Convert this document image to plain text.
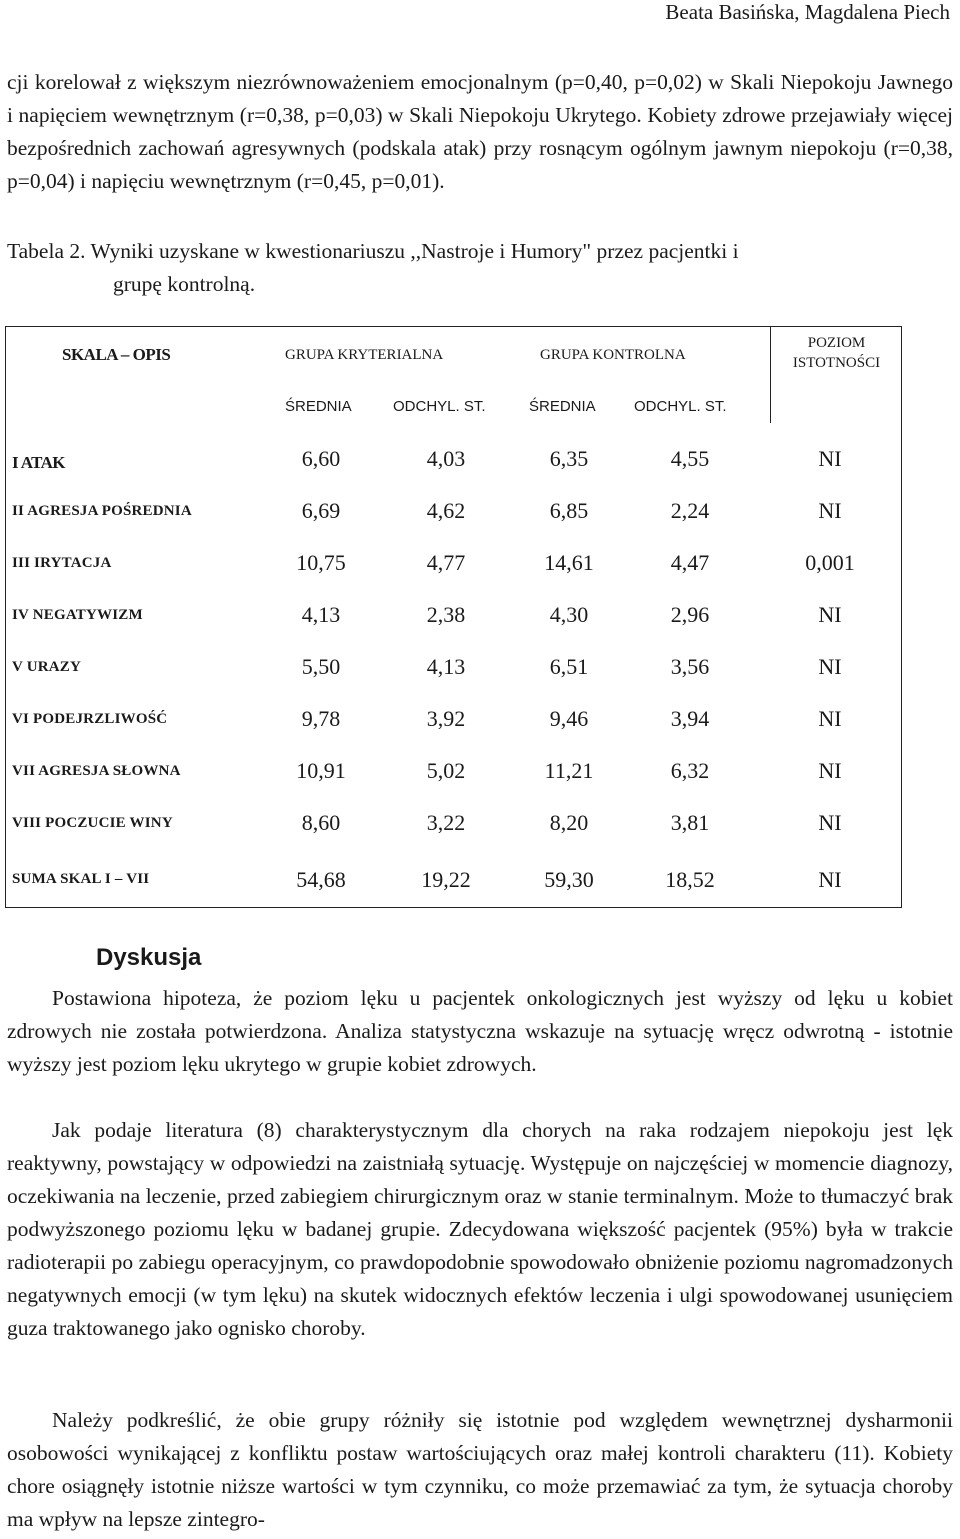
Beata Basińska, Magdalena Piech

cji korelował z większym niezrównoważeniem emocjonalnym (p=0,40, p=0,02) w Skali Niepokoju Jawnego i napięciem wewnętrznym (r=0,38, p=0,03) w Skali Niepokoju Ukrytego. Kobiety zdrowe przejawiały więcej bezpośrednich zachowań agresywnych (podskala atak) przy rosnącym ogólnym jawnym niepokoju (r=0,38, p=0,04) i napięciu wewnętrznym (r=0,45, p=0,01).

Tabela 2. Wyniki uzyskane w kwestionariuszu ,,Nastroje i Humory" przez pacjentki i
grupę kontrolną.
SKALA – OPIS	GRUPA KRYTERIALNA	GRUPA KONTROLNA
POZIOM
ISTOTNOŚCI
ŚREDNIA	ODCHYL. ST.	ŚREDNIA	ODCHYL. ST.
I ATAK	6,60	4,03	6,35	4,55	NI
II AGRESJA POŚREDNIA	6,69	4,62	6,85	2,24	NI
III IRYTACJA	10,75	4,77	14,61	4,47	0,001
IV NEGATYWIZM	4,13	2,38	4,30	2,96	NI
V URAZY	5,50	4,13	6,51	3,56	NI
VI PODEJRZLIWOŚĆ	9,78	3,92	9,46	3,94	NI
VII AGRESJA SŁOWNA	10,91	5,02	11,21	6,32	NI
VIII POCZUCIE WINY	8,60	3,22	8,20	3,81	NI
SUMA SKAL I – VII	54,68	19,22	59,30	18,52	NI
Dyskusja

Postawiona hipoteza, że poziom lęku u pacjentek onkologicznych jest wyższy od lęku u kobiet zdrowych nie została potwierdzona. Analiza statystyczna wskazuje na sytuację wręcz odwrotną - istotnie wyższy jest poziom lęku ukrytego w grupie kobiet zdrowych.

Jak podaje literatura (8) charakterystycznym dla chorych na raka rodzajem niepokoju jest lęk reaktywny, powstający w odpowiedzi na zaistniałą sytuację. Występuje on najczęściej w momencie diagnozy, oczekiwania na leczenie, przed zabiegiem chirurgicznym oraz w stanie terminalnym. Może to tłumaczyć brak podwyższonego poziomu lęku w badanej grupie. Zdecydowana większość pacjentek (95%) była w trakcie radioterapii po zabiegu operacyjnym, co prawdopodobnie spowodowało obniżenie poziomu nagromadzonych negatywnych emocji (w tym lęku) na skutek widocznych efektów leczenia i ulgi spowodowanej usunięciem guza traktowanego jako ognisko choroby.

Należy podkreślić, że obie grupy różniły się istotnie pod względem wewnętrznej dysharmonii osobowości wynikającej z konfliktu postaw wartościujących oraz małej kontroli charakteru (11). Kobiety chore osiągnęły istotnie niższe wartości w tym czynniku, co może przemawiać za tym, że sytuacja choroby ma wpływ na lepsze zintegro-
